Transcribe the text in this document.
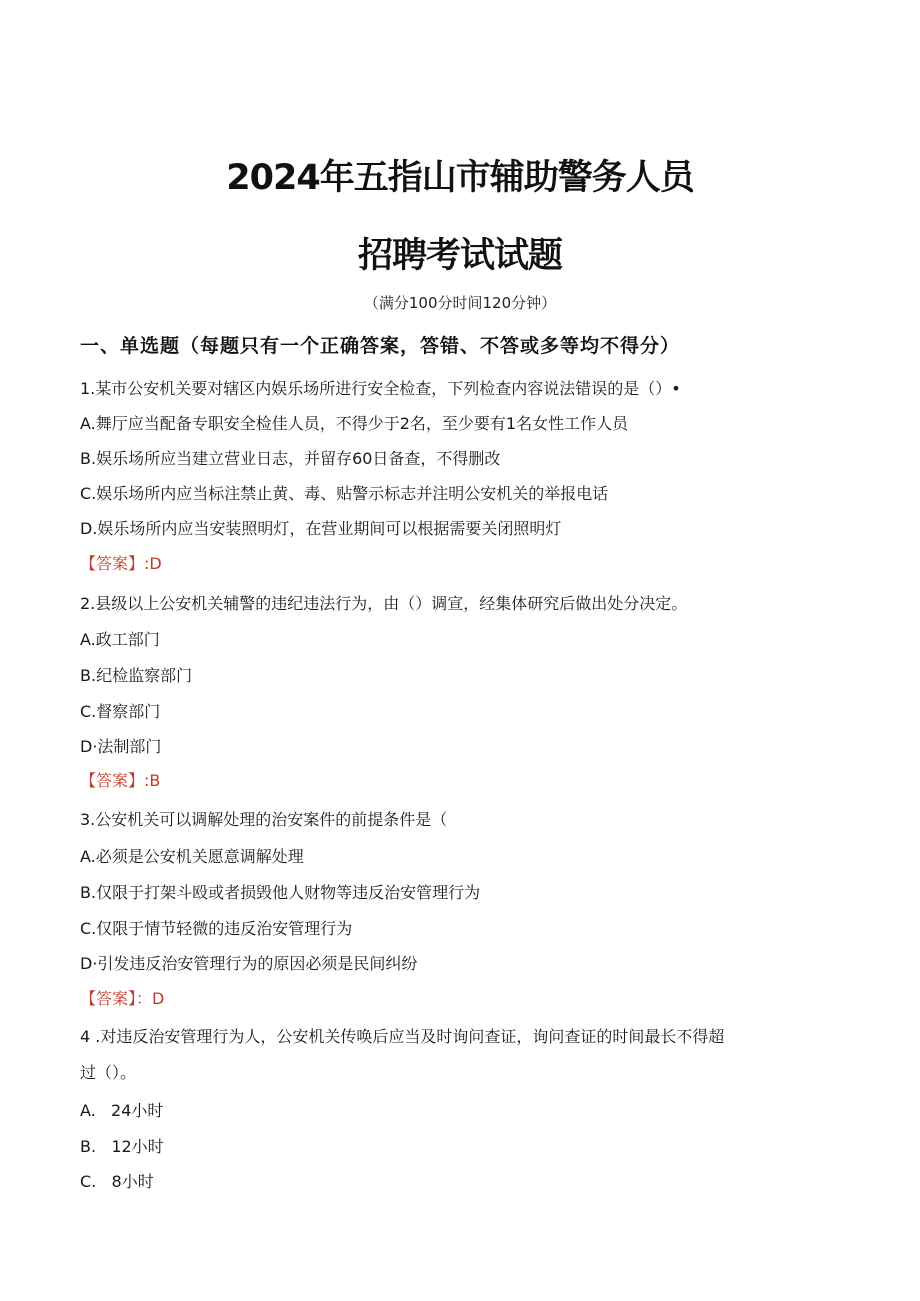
2024年五指山市辅助警务人员
招聘考试试题
（满分100分时间120分钟）
一、单选题（每题只有一个正确答案，答错、不答或多等均不得分）
1.某市公安机关要对辖区内娱乐场所进行安全检查，下列检查内容说法错误的是（）•
A.舞厅应当配备专职安全检佳人员，不得少于2名，至少要有1名女性工作人员
B.娱乐场所应当建立营业日志，并留存60日备查，不得删改
C.娱乐场所内应当标注禁止黄、毒、贴警示标志并注明公安机关的举报电话
D.娱乐场所内应当安装照明灯，在营业期间可以根据需要关闭照明灯
【答案】:D
2.县级以上公安机关辅警的违纪违法行为，由（）调宣，经集体研究后做出处分决定。
A.政工部门
B.纪检监察部门
C.督察部门
D·法制部门
【答案】:B
3.公安机关可以调解处理的治安案件的前提条件是（
A.必须是公安机关愿意调解处理
B.仅限于打架斗殴或者损毁他人财物等违反治安管理行为
C.仅限于情节轻微的违反治安管理行为
D·引发违反治安管理行为的原因必须是民间纠纷
【答案】：D
4 .对违反治安管理行为人，公安机关传唤后应当及时询问查证，询问查证的时间最长不得超
过（）。
A.   24小时
B.   12小时
C.   8小时
